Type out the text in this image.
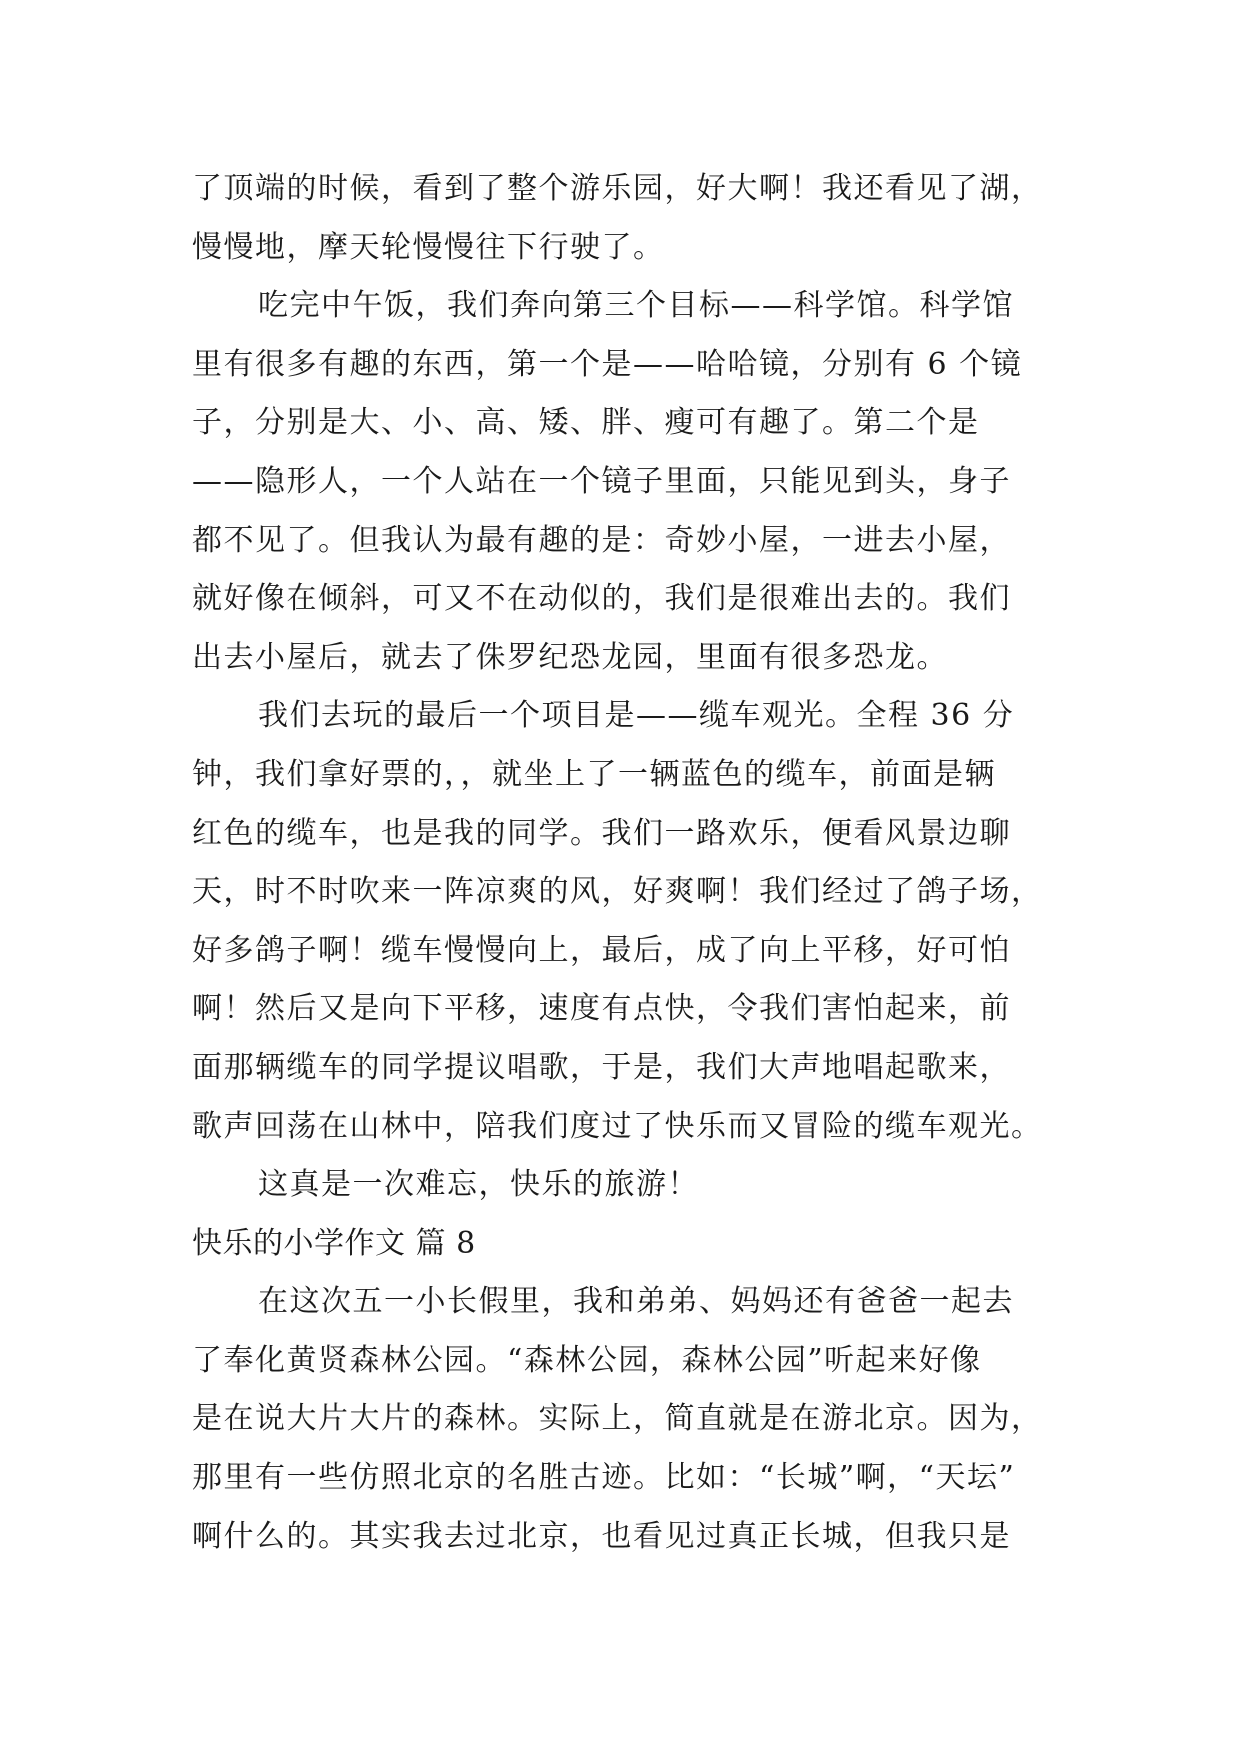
了顶端的时候，看到了整个游乐园，好大啊！我还看见了湖，
慢慢地，摩天轮慢慢往下行驶了。
吃完中午饭，我们奔向第三个目标——科学馆。科学馆
里有很多有趣的东西，第一个是——哈哈镜，分别有 6 个镜
子，分别是大、小、高、矮、胖、瘦可有趣了。第二个是
——隐形人，一个人站在一个镜子里面，只能见到头，身子
都不见了。但我认为最有趣的是：奇妙小屋，一进去小屋，
就好像在倾斜，可又不在动似的，我们是很难出去的。我们
出去小屋后，就去了侏罗纪恐龙园，里面有很多恐龙。
我们去玩的最后一个项目是——缆车观光。全程 36 分
钟，我们拿好票的，，就坐上了一辆蓝色的缆车，前面是辆
红色的缆车，也是我的同学。我们一路欢乐，便看风景边聊
天，时不时吹来一阵凉爽的风，好爽啊！我们经过了鸽子场，
好多鸽子啊！缆车慢慢向上，最后，成了向上平移，好可怕
啊！然后又是向下平移，速度有点快，令我们害怕起来，前
面那辆缆车的同学提议唱歌，于是，我们大声地唱起歌来，
歌声回荡在山林中，陪我们度过了快乐而又冒险的缆车观光。
这真是一次难忘，快乐的旅游！
快乐的小学作文 篇 8
在这次五一小长假里，我和弟弟、妈妈还有爸爸一起去
了奉化黄贤森林公园。“森林公园，森林公园”听起来好像
是在说大片大片的森林。实际上，简直就是在游北京。因为，
那里有一些仿照北京的名胜古迹。比如：“长城”啊，“天坛”
啊什么的。其实我去过北京，也看见过真正长城，但我只是
